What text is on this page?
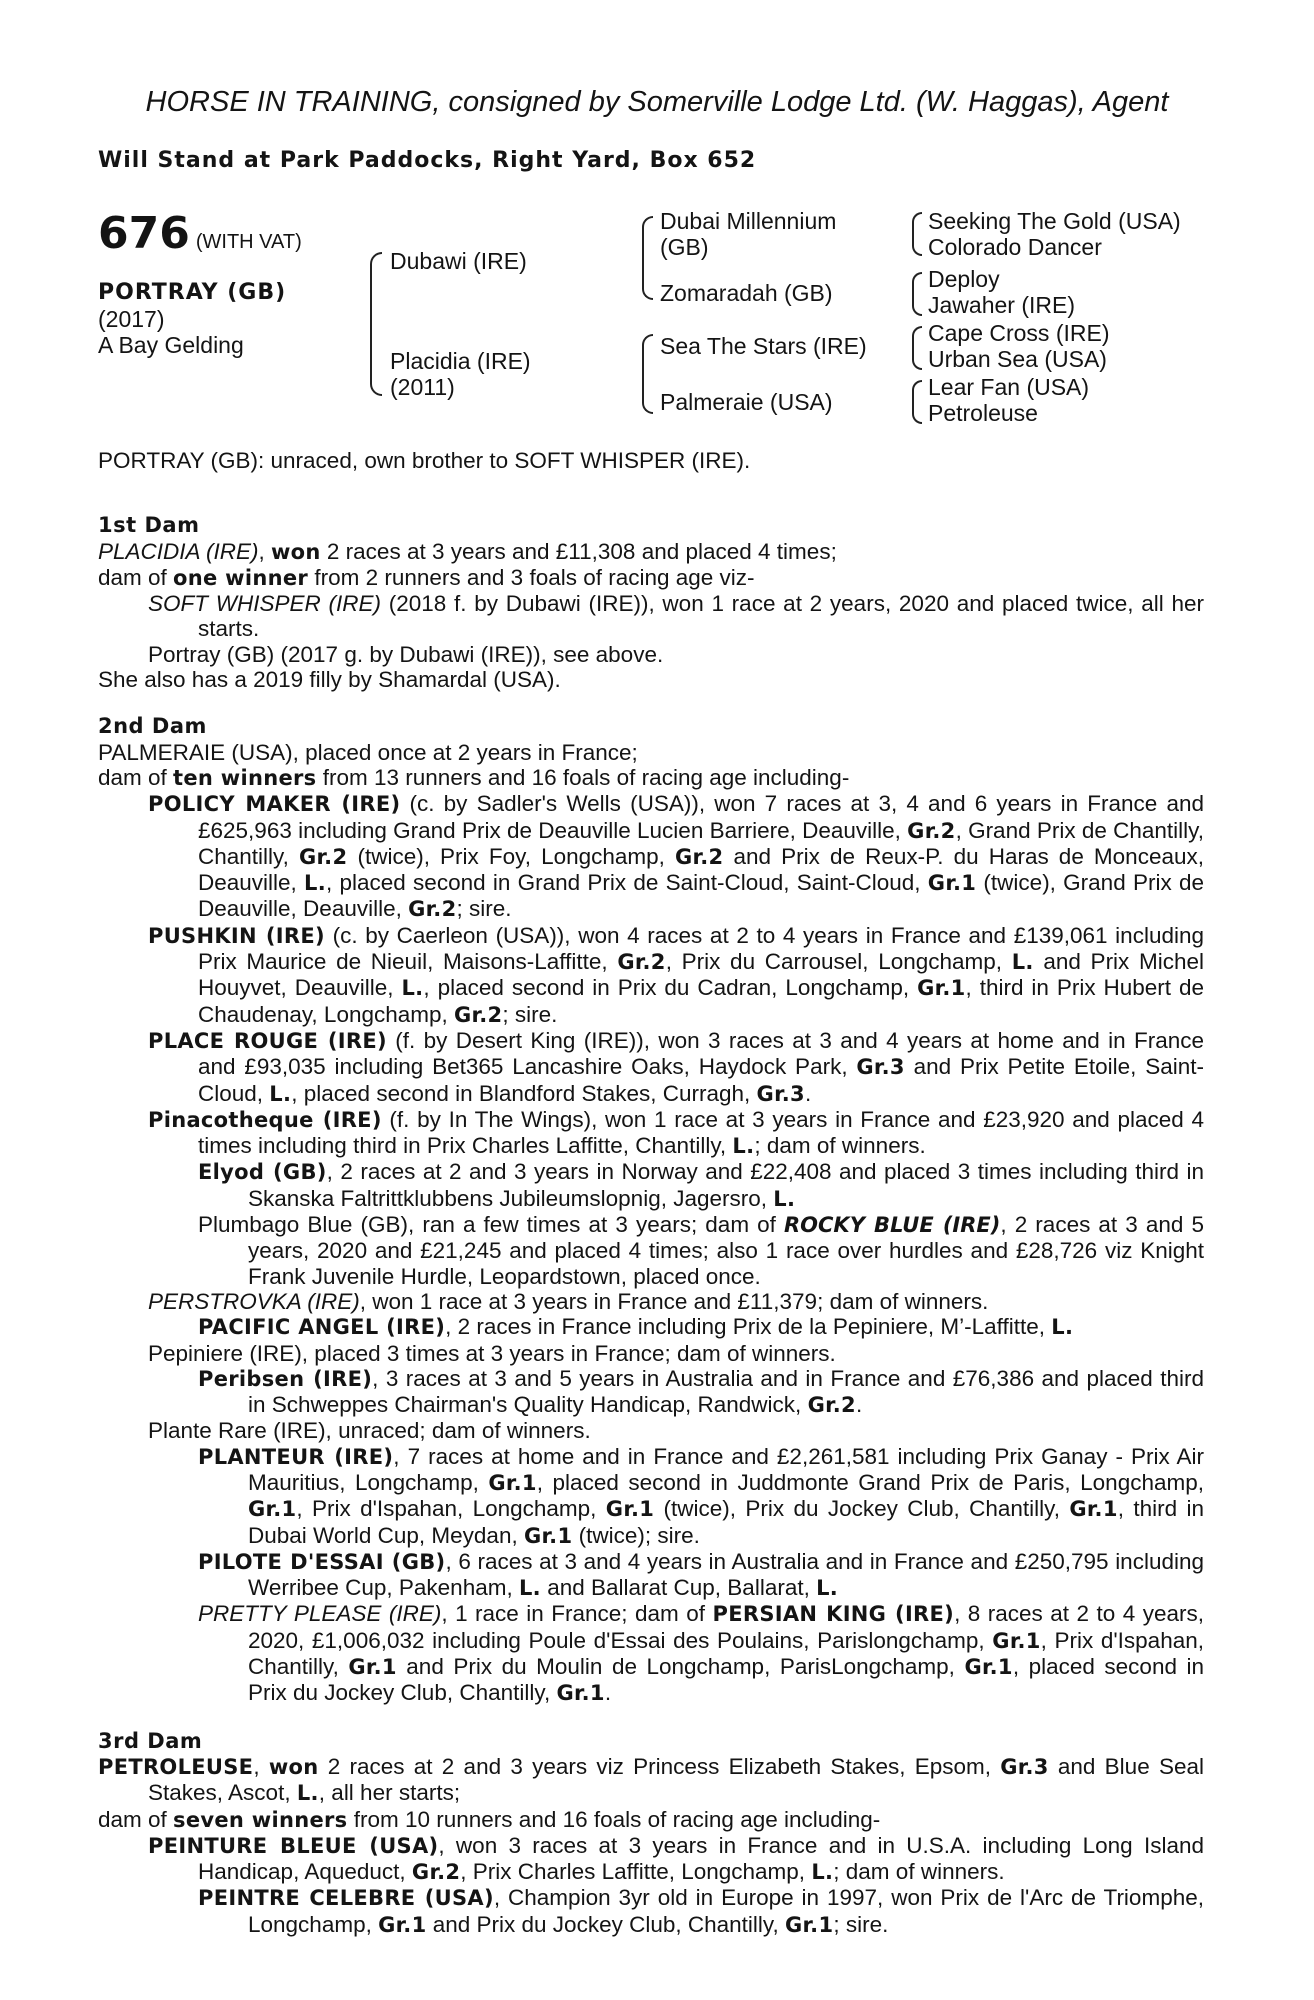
HORSE IN TRAINING, consigned by Somerville Lodge Ltd. (W. Haggas), Agent
Will Stand at Park Paddocks, Right Yard, Box 652
676 (WITH VAT)
PORTRAY (GB)
(2017)
A Bay Gelding
Dubawi (IRE)
Placidia (IRE)
(2011)
Dubai Millennium
(GB)
Zomaradah (GB)
Sea The Stars (IRE)
Palmeraie (USA)
Seeking The Gold (USA)
Colorado Dancer
Deploy
Jawaher (IRE)
Cape Cross (IRE)
Urban Sea (USA)
Lear Fan (USA)
Petroleuse

PORTRAY (GB): unraced, own brother to SOFT WHISPER (IRE).

1st Dam

PLACIDIA (IRE), won 2 races at 3 years and £11,308 and placed 4 times;

dam of one winner from 2 runners and 3 foals of racing age viz-

SOFT WHISPER (IRE) (2018 f. by Dubawi (IRE)), won 1 race at 2 years, 2020 and placed twice, all her starts.

Portray (GB) (2017 g. by Dubawi (IRE)), see above.

She also has a 2019 filly by Shamardal (USA).

2nd Dam

PALMERAIE (USA), placed once at 2 years in France;

dam of ten winners from 13 runners and 16 foals of racing age including-

POLICY MAKER (IRE) (c. by Sadler's Wells (USA)), won 7 races at 3, 4 and 6 years in France and £625,963 including Grand Prix de Deauville Lucien Barriere, Deauville, Gr.2, Grand Prix de Chantilly, Chantilly, Gr.2 (twice), Prix Foy, Longchamp, Gr.2 and Prix de Reux-P. du Haras de Monceaux, Deauville, L., placed second in Grand Prix de Saint-Cloud, Saint-Cloud, Gr.1 (twice), Grand Prix de Deauville, Deauville, Gr.2; sire.

PUSHKIN (IRE) (c. by Caerleon (USA)), won 4 races at 2 to 4 years in France and £139,061 including Prix Maurice de Nieuil, Maisons-Laffitte, Gr.2, Prix du Carrousel, Longchamp, L. and Prix Michel Houyvet, Deauville, L., placed second in Prix du Cadran, Longchamp, Gr.1, third in Prix Hubert de Chaudenay, Longchamp, Gr.2; sire.

PLACE ROUGE (IRE) (f. by Desert King (IRE)), won 3 races at 3 and 4 years at home and in France and £93,035 including Bet365 Lancashire Oaks, Haydock Park, Gr.3 and Prix Petite Etoile, Saint-Cloud, L., placed second in Blandford Stakes, Curragh, Gr.3.

Pinacotheque (IRE) (f. by In The Wings), won 1 race at 3 years in France and £23,920 and placed 4 times including third in Prix Charles Laffitte, Chantilly, L.; dam of winners.

Elyod (GB), 2 races at 2 and 3 years in Norway and £22,408 and placed 3 times including third in Skanska Faltrittklubbens Jubileumslopnig, Jagersro, L.

Plumbago Blue (GB), ran a few times at 3 years; dam of ROCKY BLUE (IRE), 2 races at 3 and 5 years, 2020 and £21,245 and placed 4 times; also 1 race over hurdles and £28,726 viz Knight Frank Juvenile Hurdle, Leopardstown, placed once.

PERSTROVKA (IRE), won 1 race at 3 years in France and £11,379; dam of winners.

PACIFIC ANGEL (IRE), 2 races in France including Prix de la Pepiniere, M’-Laffitte, L.

Pepiniere (IRE), placed 3 times at 3 years in France; dam of winners.

Peribsen (IRE), 3 races at 3 and 5 years in Australia and in France and £76,386 and placed third in Schweppes Chairman's Quality Handicap, Randwick, Gr.2.

Plante Rare (IRE), unraced; dam of winners.

PLANTEUR (IRE), 7 races at home and in France and £2,261,581 including Prix Ganay - Prix Air Mauritius, Longchamp, Gr.1, placed second in Juddmonte Grand Prix de Paris, Longchamp, Gr.1, Prix d'Ispahan, Longchamp, Gr.1 (twice), Prix du Jockey Club, Chantilly, Gr.1, third in Dubai World Cup, Meydan, Gr.1 (twice); sire.

PILOTE D'ESSAI (GB), 6 races at 3 and 4 years in Australia and in France and £250,795 including Werribee Cup, Pakenham, L. and Ballarat Cup, Ballarat, L.

PRETTY PLEASE (IRE), 1 race in France; dam of PERSIAN KING (IRE), 8 races at 2 to 4 years, 2020, £1,006,032 including Poule d'Essai des Poulains, Parislongchamp, Gr.1, Prix d'Ispahan, Chantilly, Gr.1 and Prix du Moulin de Longchamp, ParisLongchamp, Gr.1, placed second in Prix du Jockey Club, Chantilly, Gr.1.

3rd Dam

PETROLEUSE, won 2 races at 2 and 3 years viz Princess Elizabeth Stakes, Epsom, Gr.3 and Blue Seal Stakes, Ascot, L., all her starts;

dam of seven winners from 10 runners and 16 foals of racing age including-

PEINTURE BLEUE (USA), won 3 races at 3 years in France and in U.S.A. including Long Island Handicap, Aqueduct, Gr.2, Prix Charles Laffitte, Longchamp, L.; dam of winners.

PEINTRE CELEBRE (USA), Champion 3yr old in Europe in 1997, won Prix de l'Arc de Triomphe, Longchamp, Gr.1 and Prix du Jockey Club, Chantilly, Gr.1; sire.
